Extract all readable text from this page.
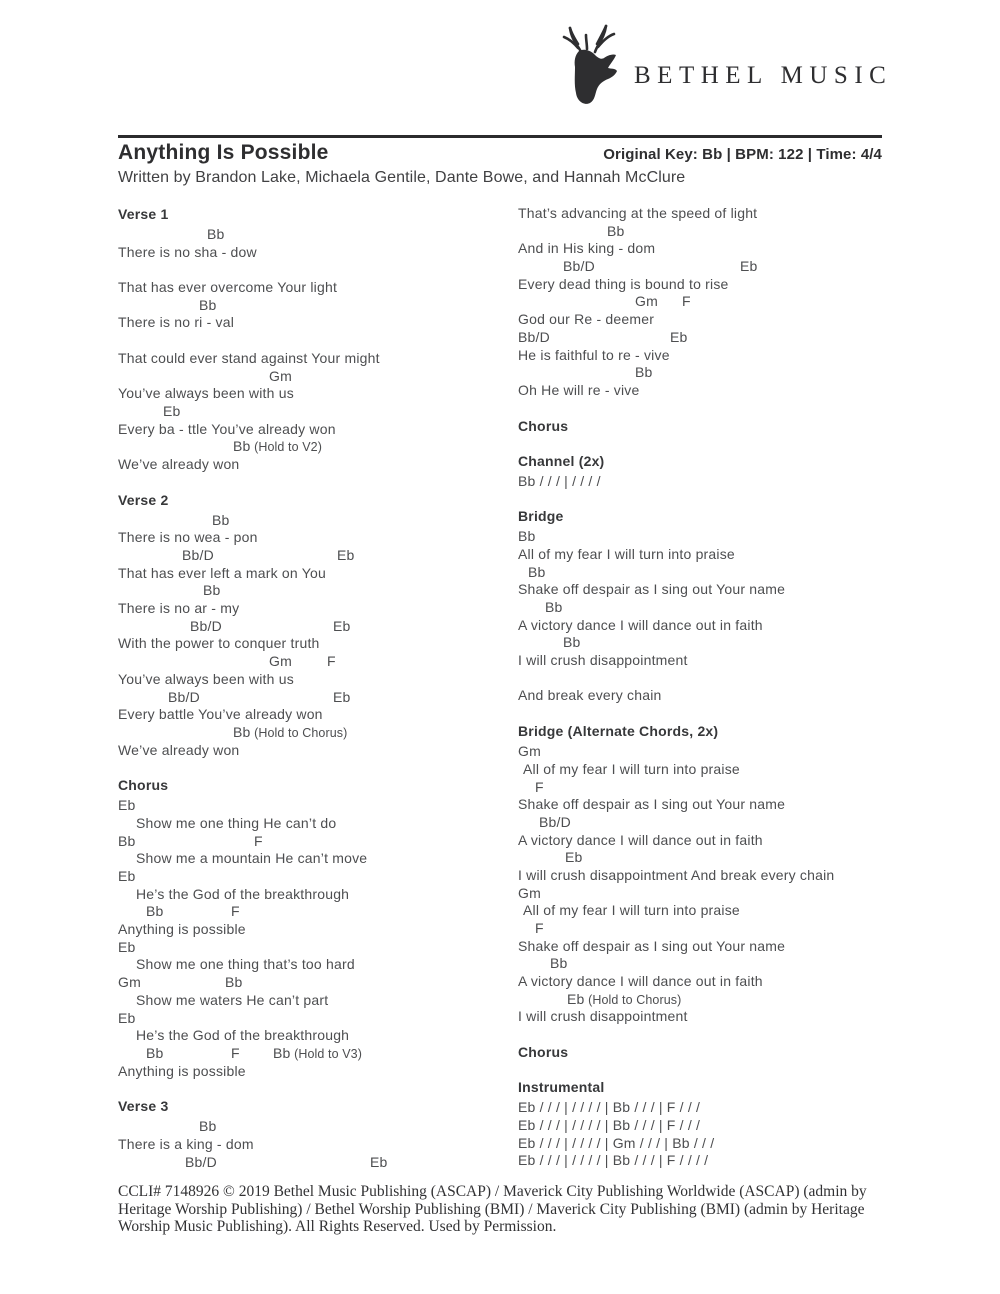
BETHEL MUSIC
Anything Is Possible	Original Key: Bb | BPM: 122 | Time: 4/4
Written by Brandon Lake, Michaela Gentile, Dante Bowe, and Hannah McClure
Verse 1
Bb
There is no sha - dow
That has ever overcome Your light
Bb
There is no ri - val
That could ever stand against Your might
Gm
You’ve always been with us
Eb
Every ba - ttle You’ve already won
Bb (Hold to V2)
We’ve already won
Verse 2
Bb
There is no wea - pon
Bb/D	Eb
That has ever left a mark on You
Bb
There is no ar - my
Bb/D	Eb
With the power to conquer truth
Gm	F
You’ve always been with us
Bb/D	Eb
Every battle You’ve already won
Bb (Hold to Chorus)
We’ve already won
Chorus
Eb
Show me one thing He can’t do
Bb	F
Show me a mountain He can’t move
Eb
He’s the God of the breakthrough
Bb	F
Anything is possible
Eb
Show me one thing that’s too hard
Gm	Bb
Show me waters He can’t part
Eb
He’s the God of the breakthrough
Bb	F Bb (Hold to V3)
Anything is possible
Verse 3
Bb
There is a king - dom
Bb/D	Eb
That’s advancing at the speed of light
Bb
And in His king - dom
Bb/D	Eb
Every dead thing is bound to rise
Gm F
God our Re - deemer
Bb/D	Eb
He is faithful to re - vive
Bb
Oh He will re - vive
Chorus
Channel (2x)
Bb / / / | / / / /
Bridge
Bb
All of my fear I will turn into praise
Bb
Shake off despair as I sing out Your name
Bb
A victory dance I will dance out in faith
Bb
I will crush disappointment
And break every chain
Bridge (Alternate Chords, 2x)
Gm
All of my fear I will turn into praise
F
Shake off despair as I sing out Your name
Bb/D
A victory dance I will dance out in faith
Eb
I will crush disappointment And break every chain
Gm
All of my fear I will turn into praise
F
Shake off despair as I sing out Your name
Bb
A victory dance I will dance out in faith
Eb (Hold to Chorus)
I will crush disappointment
Chorus
Instrumental
Eb / / / | / / / / | Bb / / / | F / / /
Eb / / / | / / / / | Bb / / / | F / / /
Eb / / / | / / / / | Gm / / / | Bb / / /
Eb / / / | / / / / | Bb / / / | F / / / /
CCLI# 7148926 © 2019 Bethel Music Publishing (ASCAP) / Maverick City Publishing Worldwide (ASCAP) (admin by Heritage Worship Publishing) / Bethel Worship Publishing (BMI) / Maverick City Publishing (BMI) (admin by Heritage Worship Music Publishing). All Rights Reserved. Used by Permission.
